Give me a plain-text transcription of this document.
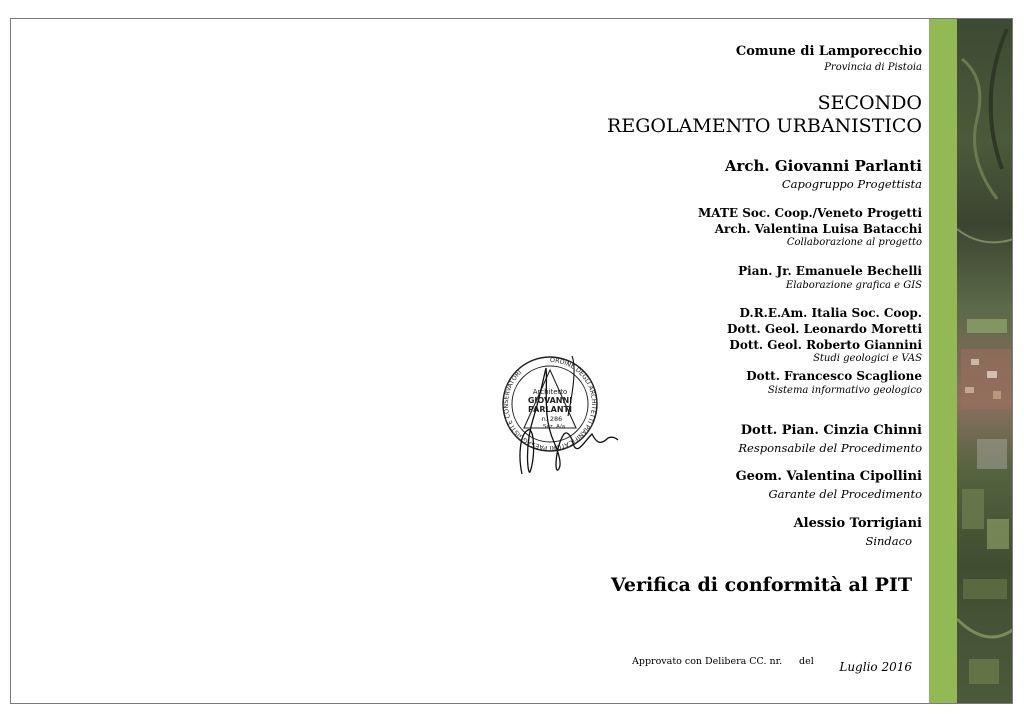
Comune di Lamporecchio
Provincia di Pistoia
SECONDO
REGOLAMENTO URBANISTICO
Arch. Giovanni Parlanti
Capogruppo Progettista
MATE Soc. Coop./Veneto Progetti
Arch. Valentina Luisa Batacchi
Collaborazione al progetto
Pian. Jr. Emanuele Bechelli
Elaborazione grafica e GIS
D.R.E.Am. Italia Soc. Coop.
Dott. Geol. Leonardo Moretti
Dott. Geol. Roberto Giannini
Studi geologici e VAS
Dott. Francesco Scaglione
Sistema informativo geologico
Dott. Pian. Cinzia Chinni
Responsabile del Procedimento
Geom. Valentina Cipollini
Garante del Procedimento
Alessio Torrigiani
Sindaco
Verifica di conformità al PIT
Approvato con Delibera CC. nr. del Luglio 2016
ORDINE DEGLI ARCHITETTI PIANIFICATORI PAESAGGISTI E CONSERVATORI
Architetto
GIOVANNI
PARLANTI
n. 286
Sez. A/a
